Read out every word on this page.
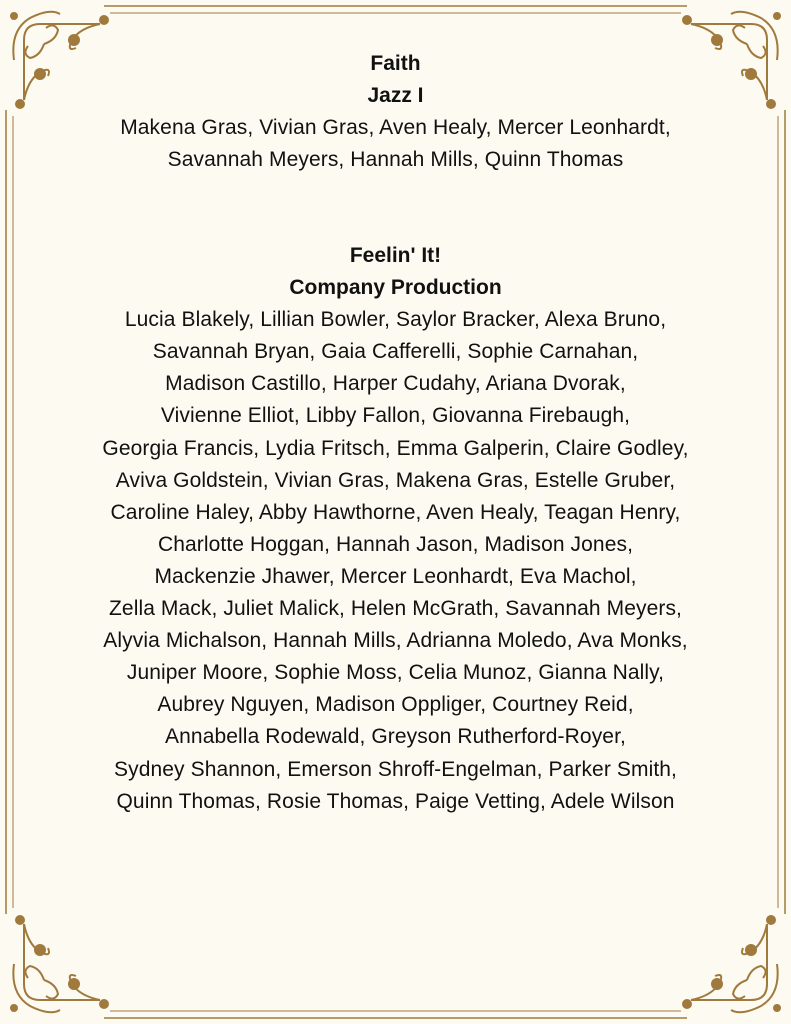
Faith
Jazz I
Makena Gras, Vivian Gras, Aven Healy, Mercer Leonhardt,
Savannah Meyers, Hannah Mills, Quinn Thomas
Feelin' It!
Company Production
Lucia Blakely, Lillian Bowler, Saylor Bracker, Alexa Bruno,
Savannah Bryan, Gaia Cafferelli, Sophie Carnahan,
Madison Castillo, Harper Cudahy, Ariana Dvorak,
Vivienne Elliot, Libby Fallon, Giovanna Firebaugh,
Georgia Francis, Lydia Fritsch, Emma Galperin, Claire Godley,
Aviva Goldstein, Vivian Gras, Makena Gras, Estelle Gruber,
Caroline Haley, Abby Hawthorne, Aven Healy, Teagan Henry,
Charlotte Hoggan, Hannah Jason, Madison Jones,
Mackenzie Jhawer, Mercer Leonhardt, Eva Machol,
Zella Mack, Juliet Malick, Helen McGrath, Savannah Meyers,
Alyvia Michalson, Hannah Mills, Adrianna Moledo, Ava Monks,
Juniper Moore, Sophie Moss, Celia Munoz, Gianna Nally,
Aubrey Nguyen, Madison Oppliger, Courtney Reid,
Annabella Rodewald, Greyson Rutherford-Royer,
Sydney Shannon, Emerson Shroff-Engelman, Parker Smith,
Quinn Thomas, Rosie Thomas, Paige Vetting, Adele Wilson
